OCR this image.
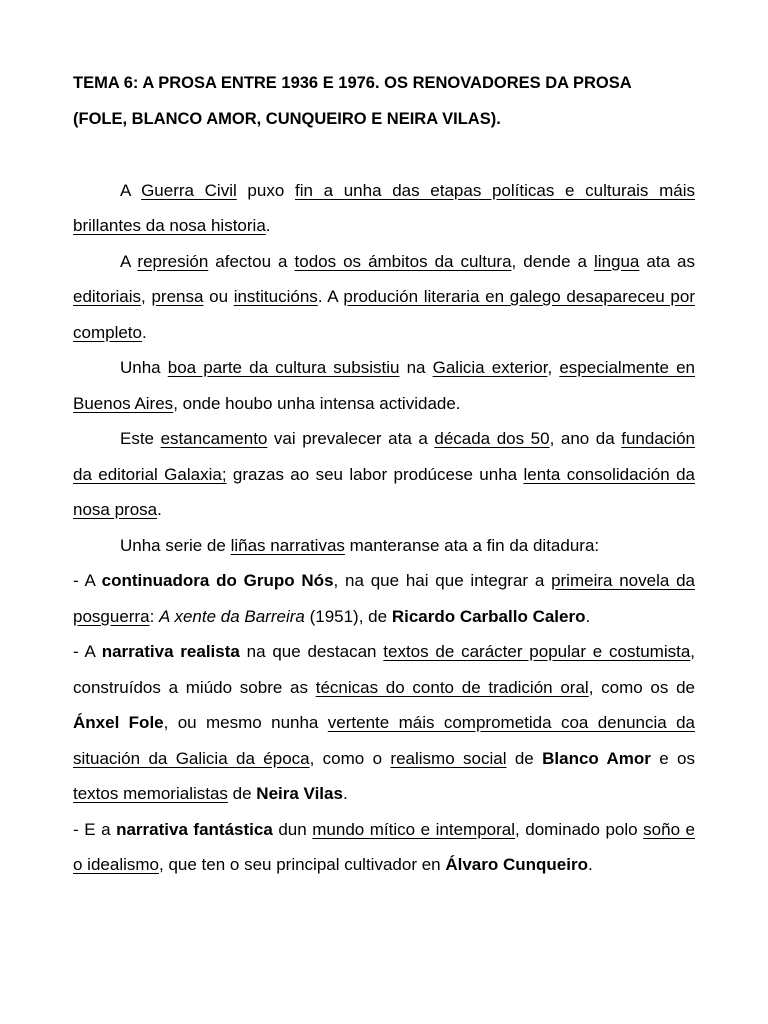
TEMA 6: A PROSA ENTRE 1936 E 1976. OS RENOVADORES DA PROSA
(FOLE, BLANCO AMOR, CUNQUEIRO E NEIRA VILAS).

A Guerra Civil puxo fin a unha das etapas políticas e culturais máis brillantes da nosa historia.

A represión afectou a todos os ámbitos da cultura, dende a lingua ata as editoriais, prensa ou institucións. A produción literaria en galego desapareceu por completo.

Unha boa parte da cultura subsistiu na Galicia exterior, especialmente en Buenos Aires, onde houbo unha intensa actividade.

Este estancamento vai prevalecer ata a década dos 50, ano da fundación da editorial Galaxia; grazas ao seu labor prodúcese unha lenta consolidación da nosa prosa.

Unha serie de liñas narrativas manteranse ata a fin da ditadura:

- A continuadora do Grupo Nós, na que hai que integrar a primeira novela da posguerra: A xente da Barreira (1951), de Ricardo Carballo Calero.

- A narrativa realista na que destacan textos de carácter popular e costumista, construídos a miúdo sobre as técnicas do conto de tradición oral, como os de Ánxel Fole, ou mesmo nunha vertente máis comprometida coa denuncia da situación da Galicia da época, como o realismo social de Blanco Amor e os textos memorialistas de Neira Vilas.

- E a narrativa fantástica dun mundo mítico e intemporal, dominado polo soño e o idealismo, que ten o seu principal cultivador en Álvaro Cunqueiro.
